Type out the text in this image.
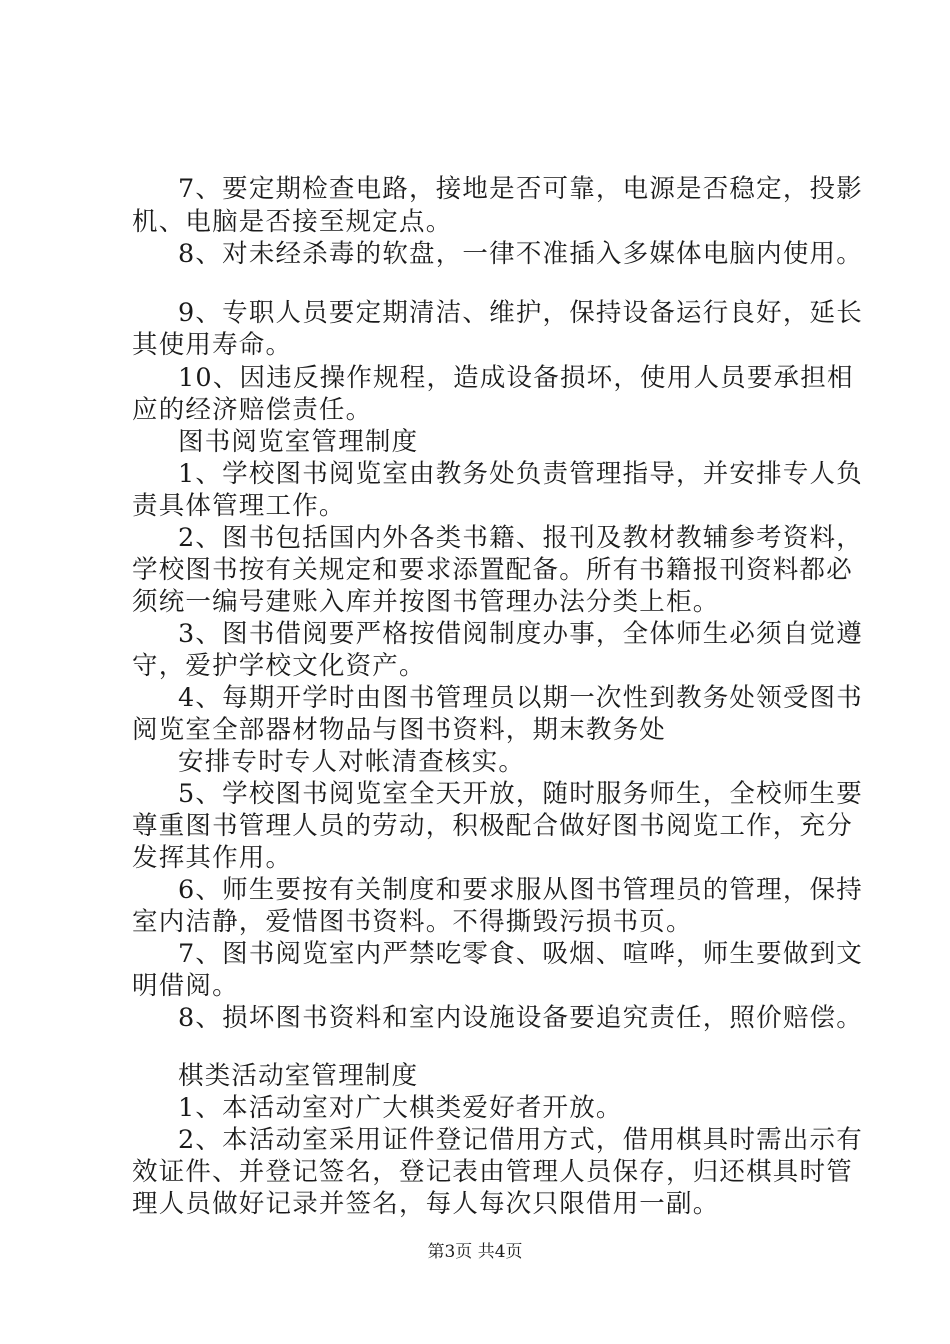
7、要定期检查电路，接地是否可靠，电源是否稳定，投影
机、电脑是否接至规定点。
8、对未经杀毒的软盘，一律不准插入多媒体电脑内使用。
9、专职人员要定期清洁、维护，保持设备运行良好，延长
其使用寿命。
10、因违反操作规程，造成设备损坏，使用人员要承担相
应的经济赔偿责任。
图书阅览室管理制度
1、学校图书阅览室由教务处负责管理指导，并安排专人负
责具体管理工作。
2、图书包括国内外各类书籍、报刊及教材教辅参考资料，
学校图书按有关规定和要求添置配备。所有书籍报刊资料都必
须统一编号建账入库并按图书管理办法分类上柜。
3、图书借阅要严格按借阅制度办事，全体师生必须自觉遵
守，爱护学校文化资产。
4、每期开学时由图书管理员以期一次性到教务处领受图书
阅览室全部器材物品与图书资料，期末教务处
安排专时专人对帐清查核实。
5、学校图书阅览室全天开放，随时服务师生，全校师生要
尊重图书管理人员的劳动，积极配合做好图书阅览工作，充分
发挥其作用。
6、师生要按有关制度和要求服从图书管理员的管理，保持
室内洁静，爱惜图书资料。不得撕毁污损书页。
7、图书阅览室内严禁吃零食、吸烟、喧哗，师生要做到文
明借阅。
8、损坏图书资料和室内设施设备要追究责任，照价赔偿。
棋类活动室管理制度
1、本活动室对广大棋类爱好者开放。
2、本活动室采用证件登记借用方式，借用棋具时需出示有
效证件、并登记签名，登记表由管理人员保存，归还棋具时管
理人员做好记录并签名，每人每次只限借用一副。
第3页 共4页
